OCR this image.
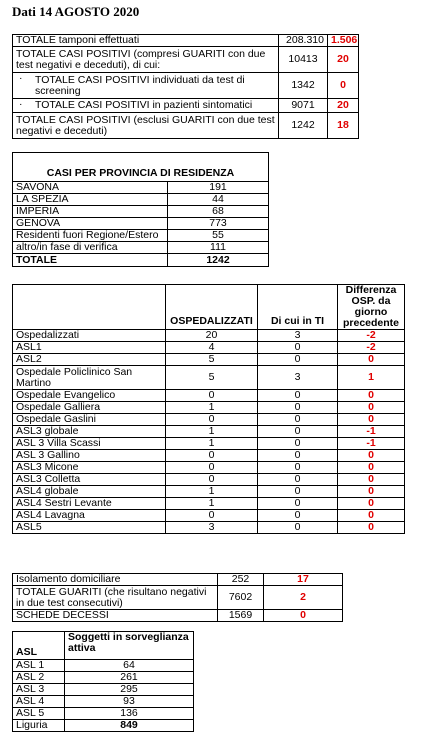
Dati 14 AGOSTO 2020
TOTALE tamponi effettuati	208.310	1.506
TOTALE CASI POSITIVI (compresi GUARITI con due test negativi e deceduti), di cui:	10413	20

· TOTALE CASI POSITIVI individuati da test di screening	1342	0

· TOTALE CASI POSITIVI in pazienti sintomatici	9071	20
TOTALE CASI POSITIVI (esclusi GUARITI con due test negativi e deceduti)	1242	18
CASI PER PROVINCIA DI RESIDENZA	
SAVONA	191
LA SPEZIA	44
IMPERIA	68
GENOVA	773
Residenti fuori Regione/Estero	55
altro/in fase di verifica	111
TOTALE	1242
	OSPEDALIZZATI	Di cui in TI	Differenza OSP. da giorno precedente
Ospedalizzati	20	3	-2
ASL1	4	0	-2
ASL2	5	0	0
Ospedale Policlinico San Martino	5	3	1
Ospedale Evangelico	0	0	0
Ospedale Galliera	1	0	0
Ospedale Gaslini	0	0	0
ASL3 globale	1	0	-1
ASL 3 Villa Scassi	1	0	-1
ASL 3 Gallino	0	0	0
ASL3 Micone	0	0	0
ASL3 Colletta	0	0	0
ASL4 globale	1	0	0
ASL4 Sestri Levante	1	0	0
ASL4 Lavagna	0	0	0
ASL5	3	0	0
Isolamento domiciliare	252	17
TOTALE GUARITI (che risultano negativi in due test consecutivi)	7602	2
SCHEDE DECESSI	1569	0
ASL	Soggetti in sorveglianza attiva
ASL 1	64
ASL 2	261
ASL 3	295
ASL 4	93
ASL 5	136
Liguria	849
